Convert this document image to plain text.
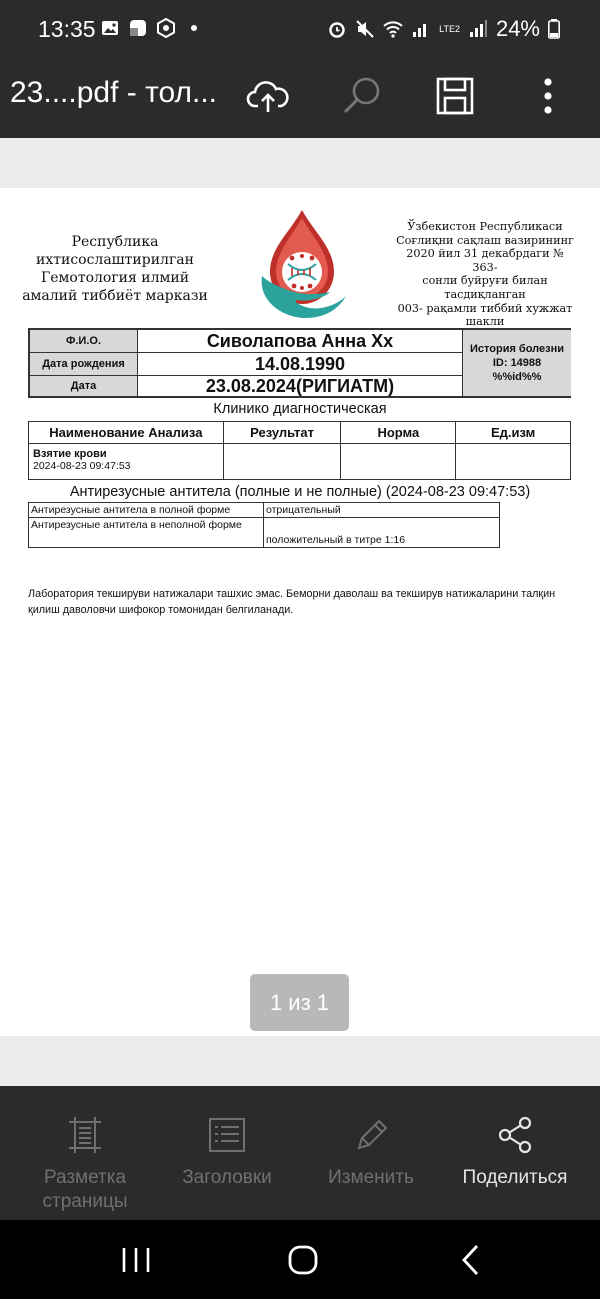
13:35	LTE2 24%
23....pdf - тол...
Республика
ихтисослаштирилган
Гемотология илмий
амалий тиббиёт маркази
Ўзбекистон Республикаси
Соғлиқни сақлаш вазирининг
2020 йил 31 декабрдаги № 363-
сонли буйруғи билан
тасдиқланган
003- рақамли тиббий хужжат
шакли
Ф.И.О.	Сиволапова Анна Хх
Дата рождения	14.08.1990
Дата	23.08.2024(РИГИАТМ)
История болезни
ID: 14988
%%id%%
Клинико диагностическая
Наименование Анализа	Результат	Норма	Ед.изм

Взятие крови
2024-08-23 09:47:53			

Антирезусные антитела (полные и не полные) (2024-08-23 09:47:53)
Антирезусные антитела в полной форме	отрицательный
Антирезусные антитела в неполной форме	положительный в титре 1:16
Лаборатория текшируви натижалари ташхис эмас. Беморни даволаш ва текширув натижаларини талқин қилиш даволовчи шифокор томонидан белгиланади.
1 из 1
Разметка страницы
Заголовки	Изменить	Поделиться
